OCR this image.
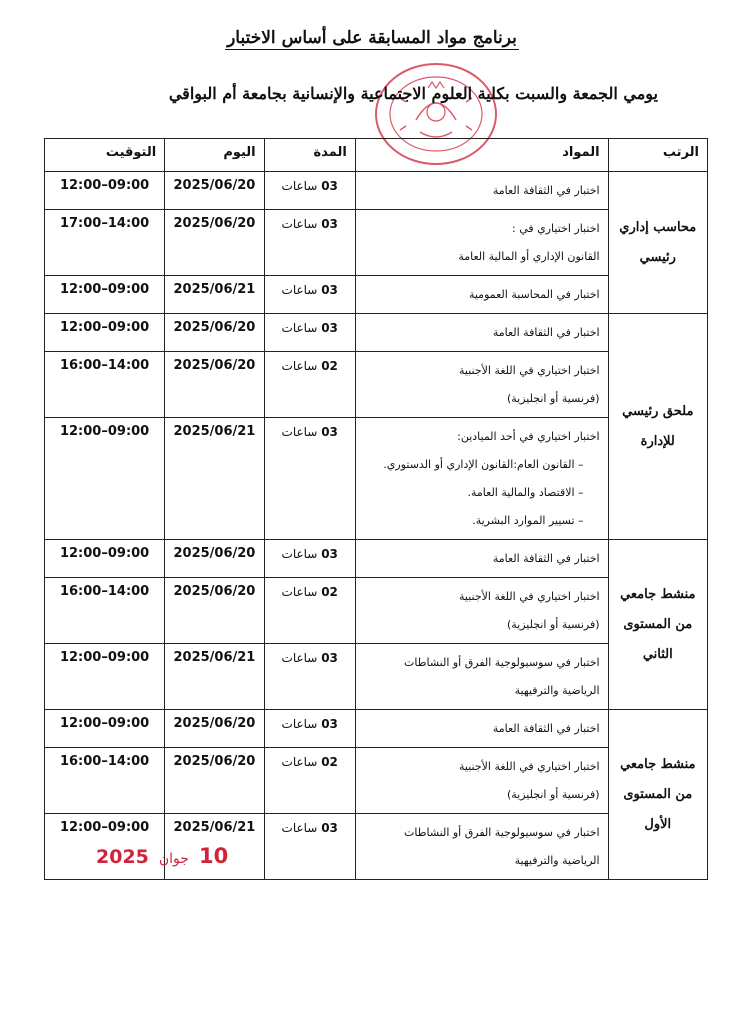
برنامج مواد المسابقة على أساس الاختبار
يومي الجمعة والسبت بكلية العلوم الاجتماعية والإنسانية بجامعة أم البواقي
الرتب	المواد	المدة	اليوم	التوقيت
محاسب إداري رئيسي	اختبار في الثقافة العامة	03 ساعات	2025/06/20	12:00–09:00

	اختبار اختياري في :
القانون الإداري أو المالية العامة	03 ساعات	2025/06/20	17:00–14:00

	اختبار في المحاسبة العمومية	03 ساعات	2025/06/21	12:00–09:00
ملحق رئيسي للإدارة	اختبار في الثقافة العامة	03 ساعات	2025/06/20	12:00–09:00

	اختبار اختياري في اللغة الأجنبية
(فرنسية أو انجليزية)	02 ساعات	2025/06/20	16:00–14:00

	اختبار اختياري في أحد الميادين:
– القانون العام:القانون الإداري أو الدستوري.
– الاقتصاد والمالية العامة.
– تسيير الموارد البشرية.	03 ساعات	2025/06/21	12:00–09:00
منشط جامعي من المستوى الثاني	اختبار في الثقافة العامة	03 ساعات	2025/06/20	12:00–09:00

	اختبار اختياري في اللغة الأجنبية
(فرنسية أو انجليزية)	02 ساعات	2025/06/20	16:00–14:00

	اختبار في سوسيولوجية الفرق أو النشاطات
الرياضية والترفيهية	03 ساعات	2025/06/21	12:00–09:00
منشط جامعي من المستوى الأول	اختبار في الثقافة العامة	03 ساعات	2025/06/20	12:00–09:00

	اختبار اختياري في اللغة الأجنبية
(فرنسية أو انجليزية)	02 ساعات	2025/06/20	16:00–14:00

	اختبار في سوسيولوجية الفرق أو النشاطات
الرياضية والترفيهية	03 ساعات	2025/06/21	12:00–09:00
2025 جوان 10
